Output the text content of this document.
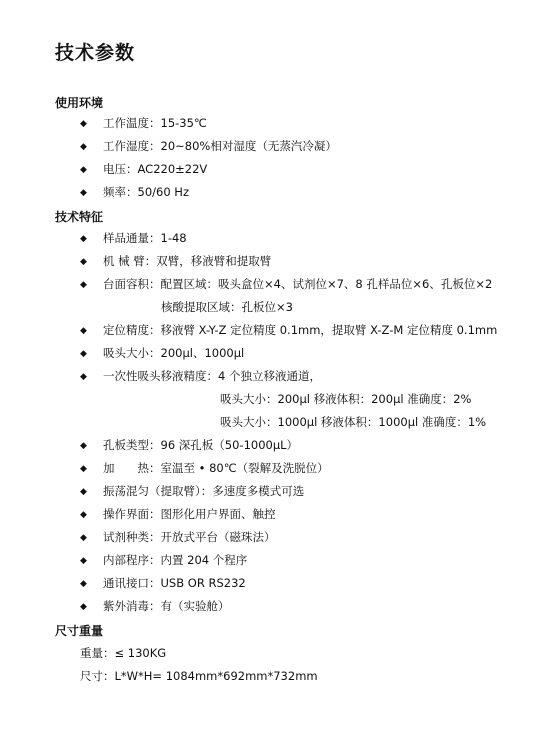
技术参数
使用环境
◆ 工作温度：15-35℃
◆ 工作湿度：20~80%相对湿度（无蒸汽冷凝）
◆ 电压：AC220±22V
◆ 频率：50/60 Hz
技术特征
◆ 样品通量：1-48
◆ 机 械 臂：双臂，移液臂和提取臂
◆ 台面容积：配置区域：吸头盒位×4、试剂位×7、8 孔样品位×6、孔板位×2
核酸提取区域：孔板位×3
◆ 定位精度：移液臂 X-Y-Z 定位精度 0.1mm，提取臂 X-Z-M 定位精度 0.1mm
◆ 吸头大小：200μl、1000μl
◆ 一次性吸头移液精度：4 个独立移液通道，
吸头大小：200μl 移液体积：200μl 准确度：2%
吸头大小：1000μl 移液体积：1000μl 准确度：1%
◆ 孔板类型：96 深孔板（50-1000μL）
◆ 加　　热：室温至 • 80℃（裂解及洗脱位）
◆ 振荡混匀（提取臂）：多速度多模式可选
◆ 操作界面：图形化用户界面、触控
◆ 试剂种类：开放式平台（磁珠法）
◆ 内部程序：内置 204 个程序
◆ 通讯接口：USB OR RS232
◆ 紫外消毒：有（实验舱）
尺寸重量
重量：≤ 130KG
尺寸：L*W*H= 1084mm*692mm*732mm
